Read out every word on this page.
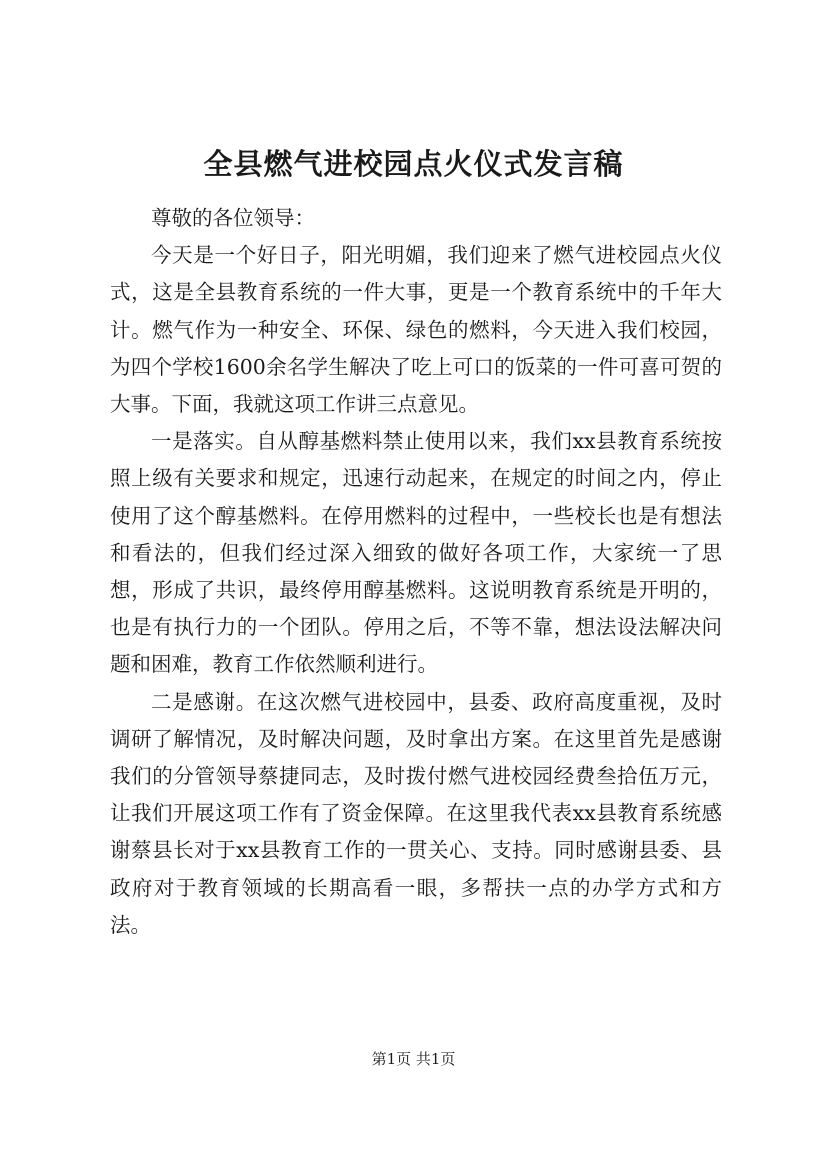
全县燃气进校园点火仪式发言稿

尊敬的各位领导：

今天是一个好日子，阳光明媚，我们迎来了燃气进校园点火仪式，这是全县教育系统的一件大事，更是一个教育系统中的千年大计。燃气作为一种安全、环保、绿色的燃料，今天进入我们校园，为四个学校1600余名学生解决了吃上可口的饭菜的一件可喜可贺的大事。下面，我就这项工作讲三点意见。

一是落实。自从醇基燃料禁止使用以来，我们xx县教育系统按照上级有关要求和规定，迅速行动起来，在规定的时间之内，停止使用了这个醇基燃料。在停用燃料的过程中，一些校长也是有想法和看法的，但我们经过深入细致的做好各项工作，大家统一了思想，形成了共识，最终停用醇基燃料。这说明教育系统是开明的，也是有执行力的一个团队。停用之后，不等不靠，想法设法解决问题和困难，教育工作依然顺利进行。

二是感谢。在这次燃气进校园中，县委、政府高度重视，及时调研了解情况，及时解决问题，及时拿出方案。在这里首先是感谢我们的分管领导蔡捷同志，及时拨付燃气进校园经费叁拾伍万元，让我们开展这项工作有了资金保障。在这里我代表xx县教育系统感谢蔡县长对于xx县教育工作的一贯关心、支持。同时感谢县委、县政府对于教育领域的长期高看一眼，多帮扶一点的办学方式和方法。

第1页 共1页
